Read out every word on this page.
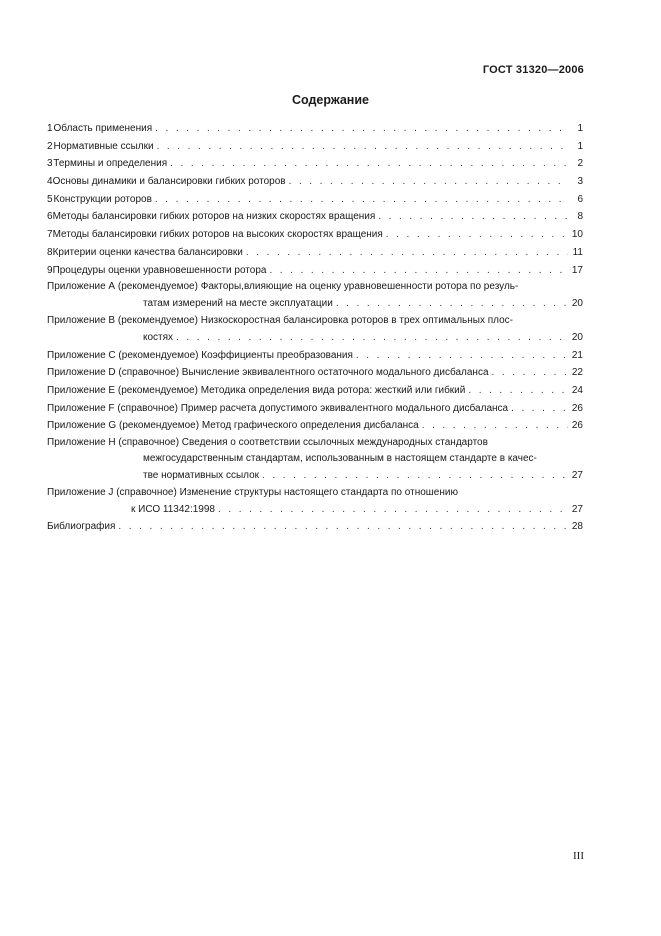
ГОСТ 31320—2006
Содержание
1 Область применения . . .	1
2 Нормативные ссылки . . .	1
3 Термины и определения . . .	2
4 Основы динамики и балансировки гибких роторов . . .	3
5 Конструкции роторов . . .	6
6 Методы балансировки гибких роторов на низких скоростях вращения . . .	8
7 Методы балансировки гибких роторов на высоких скоростях вращения . . .	10
8 Критерии оценки качества балансировки . . .	11
9 Процедуры оценки уравновешенности ротора . . .	17
Приложение А (рекомендуемое) Факторы,влияющие на оценку уравновешенности ротора по резуль-
татам измерений на месте эксплуатации . . .	20
Приложение В (рекомендуемое) Низкоскоростная балансировка роторов в трех оптимальных плос-
костях . . .	20
Приложение С (рекомендуемое) Коэффициенты преобразования . . .	21
Приложение D (справочное) Вычисление эквивалентного остаточного модального дисбаланса . . .	22
Приложение Е (рекомендуемое) Методика определения вида ротора: жесткий или гибкий . . .	24
Приложение F (справочное) Пример расчета допустимого эквивалентного модального дисбаланса . . .	26
Приложение G (рекомендуемое) Метод графического определения дисбаланса . . .	26
Приложение Н (справочное) Сведения о соответствии ссылочных международных стандартов
межгосударственным стандартам, использованным в настоящем стандарте в качес-
тве нормативных ссылок . . .	27
Приложение J (справочное) Изменение структуры настоящего стандарта по отношению
к ИСО 11342:1998 . . .	27
Библиография . . .	28
III
